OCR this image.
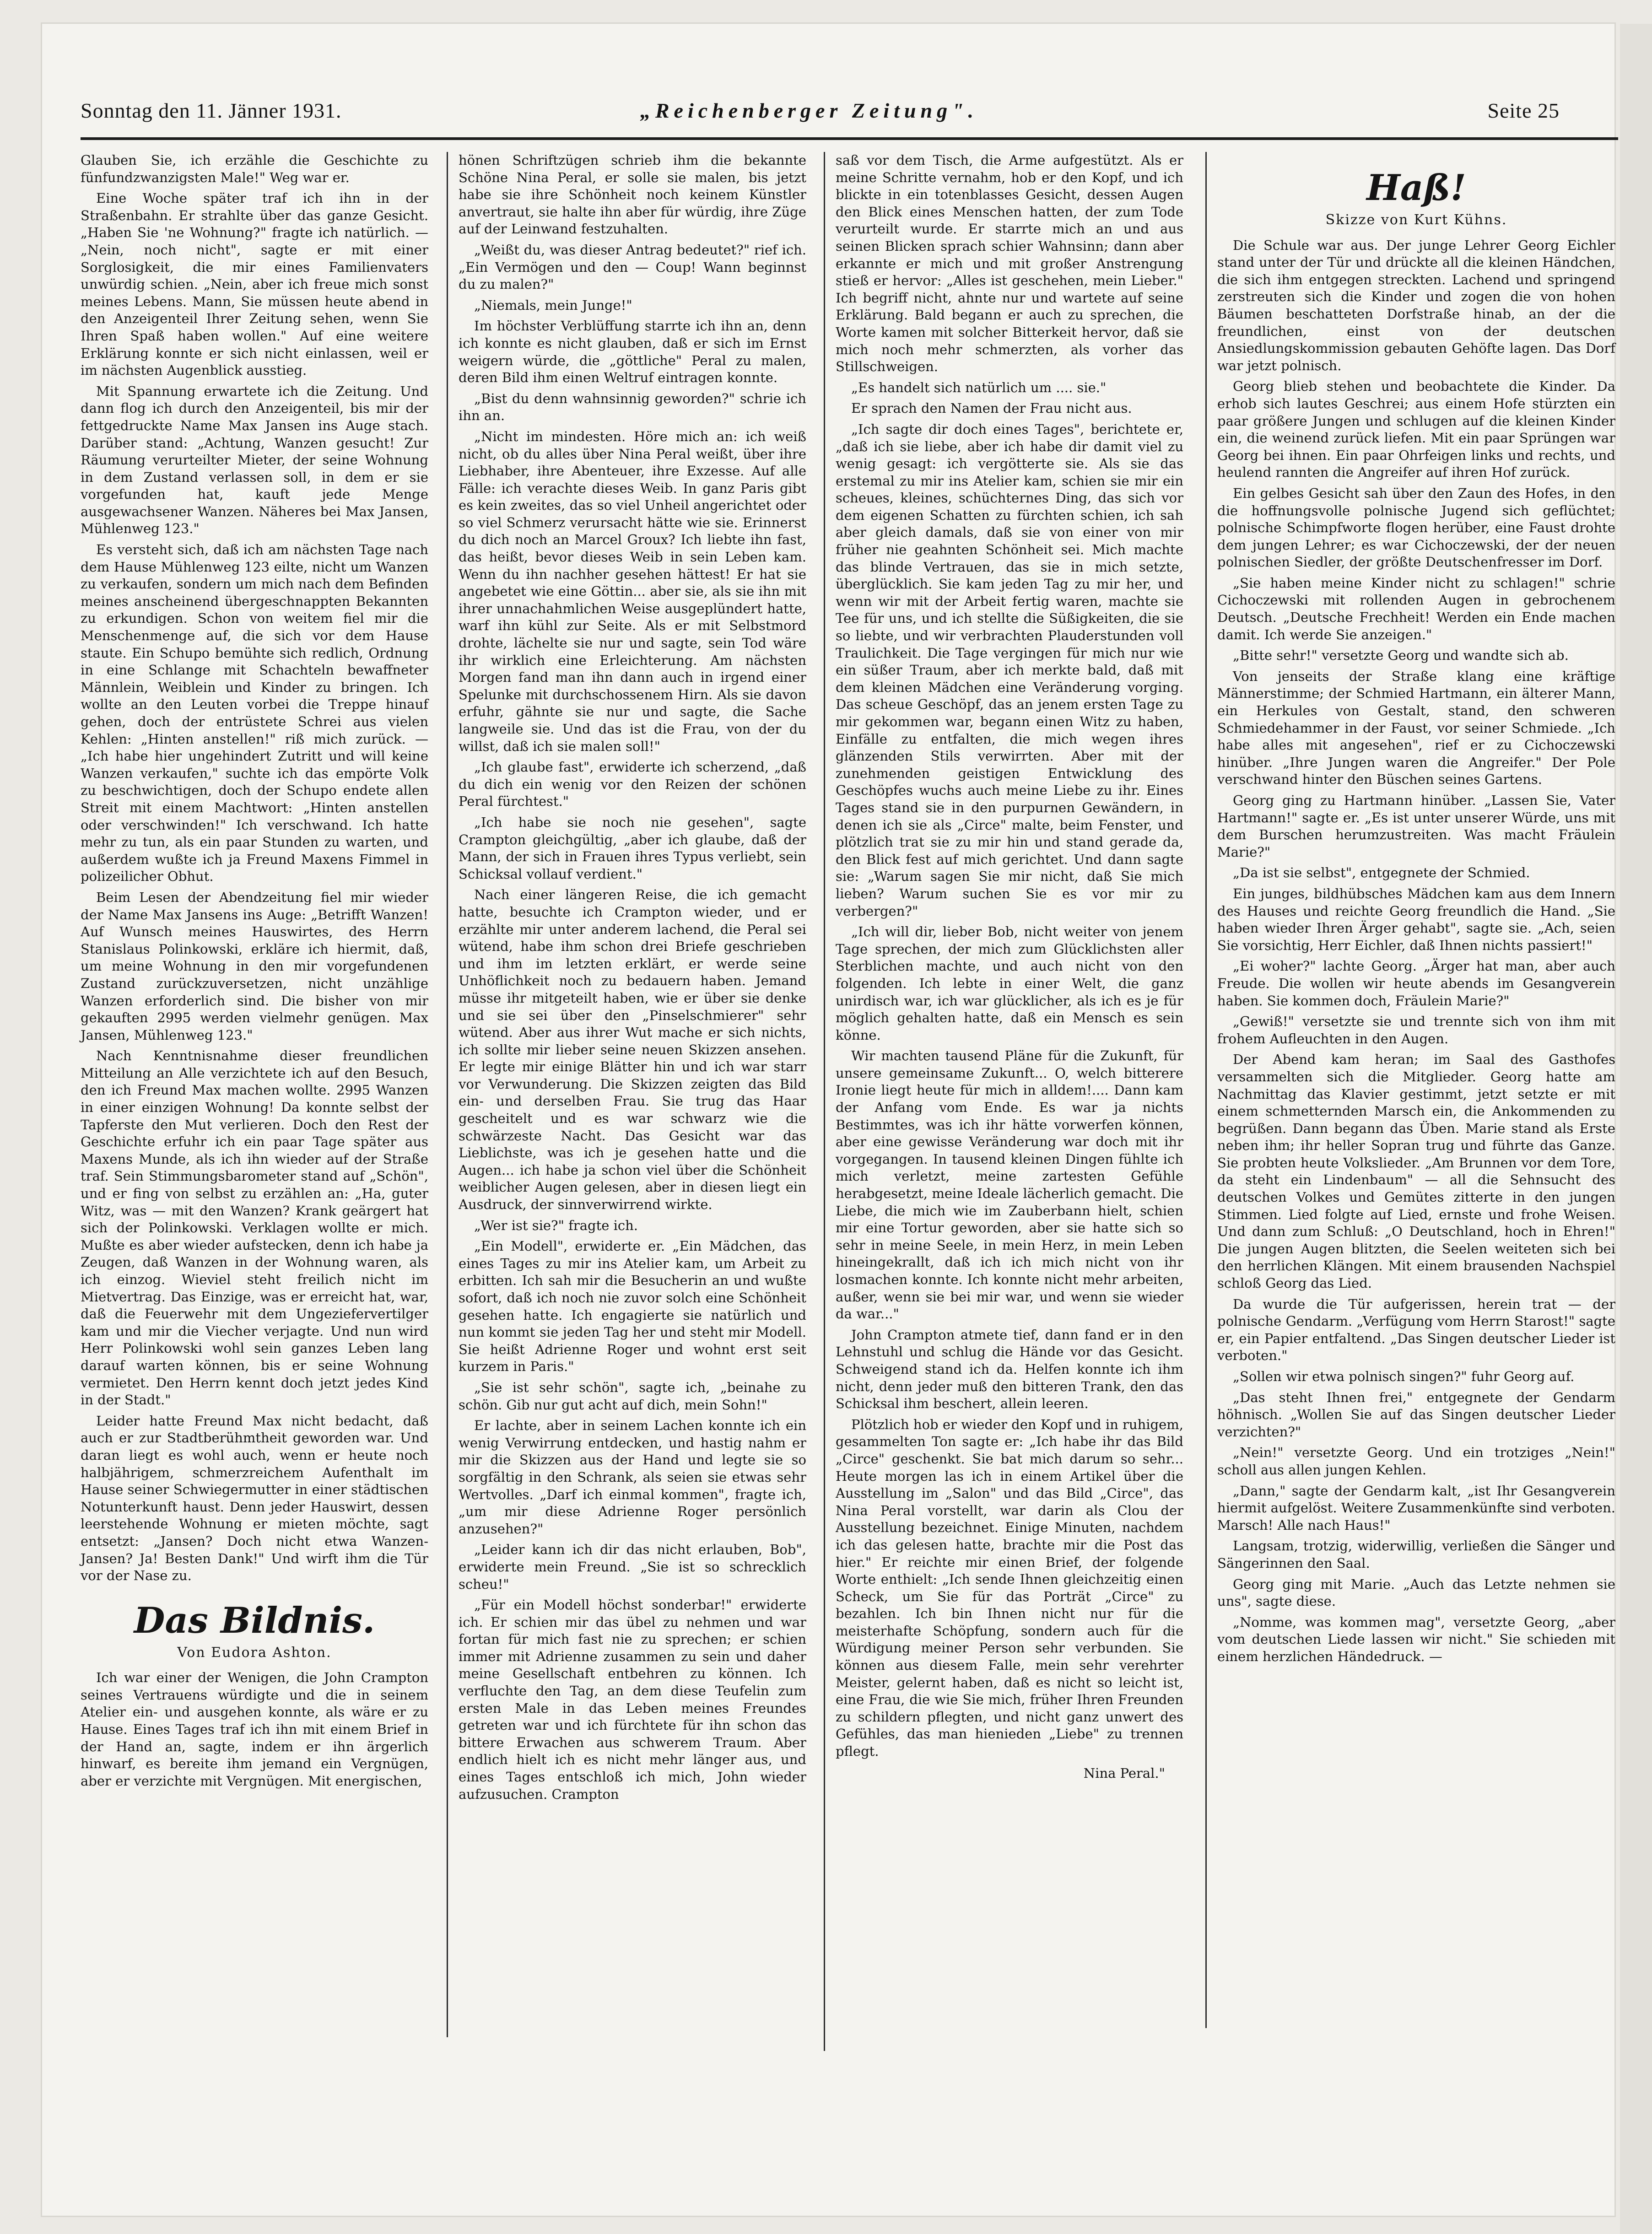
Sonntag den 11. Jänner 1931.	„Reichenberger Zeitung".	Seite 25

Glauben Sie, ich erzähle die Geschichte zu fünfundzwanzigsten Male!" Weg war er.

Eine Woche später traf ich ihn in der Straßenbahn. Er strahlte über das ganze Gesicht. „Haben Sie 'ne Wohnung?" fragte ich natürlich. — „Nein, noch nicht", sagte er mit einer Sorglosigkeit, die mir eines Familienvaters unwürdig schien. „Nein, aber ich freue mich sonst meines Lebens. Mann, Sie müssen heute abend in den Anzeigenteil Ihrer Zeitung sehen, wenn Sie Ihren Spaß haben wollen." Auf eine weitere Erklärung konnte er sich nicht einlassen, weil er im nächsten Augenblick ausstieg.

Mit Spannung erwartete ich die Zeitung. Und dann flog ich durch den Anzeigenteil, bis mir der fettgedruckte Name Max Jansen ins Auge stach. Darüber stand: „Achtung, Wanzen gesucht! Zur Räumung verurteilter Mieter, der seine Wohnung in dem Zustand verlassen soll, in dem er sie vorgefunden hat, kauft jede Menge ausgewachsener Wanzen. Näheres bei Max Jansen, Mühlenweg 123."

Es versteht sich, daß ich am nächsten Tage nach dem Hause Mühlenweg 123 eilte, nicht um Wanzen zu verkaufen, sondern um mich nach dem Befinden meines anscheinend übergeschnappten Bekannten zu erkundigen. Schon von weitem fiel mir die Menschenmenge auf, die sich vor dem Hause staute. Ein Schupo bemühte sich redlich, Ordnung in eine Schlange mit Schachteln bewaffneter Männlein, Weiblein und Kinder zu bringen. Ich wollte an den Leuten vorbei die Treppe hinauf gehen, doch der entrüstete Schrei aus vielen Kehlen: „Hinten anstellen!" riß mich zurück. — „Ich habe hier ungehindert Zutritt und will keine Wanzen verkaufen," suchte ich das empörte Volk zu beschwichtigen, doch der Schupo endete allen Streit mit einem Machtwort: „Hinten anstellen oder verschwinden!" Ich verschwand. Ich hatte mehr zu tun, als ein paar Stunden zu warten, und außerdem wußte ich ja Freund Maxens Fimmel in polizeilicher Obhut.

Beim Lesen der Abendzeitung fiel mir wieder der Name Max Jansens ins Auge: „Betrifft Wanzen! Auf Wunsch meines Hauswirtes, des Herrn Stanislaus Polinkowski, erkläre ich hiermit, daß, um meine Wohnung in den mir vorgefundenen Zustand zurückzuversetzen, nicht unzählige Wanzen erforderlich sind. Die bisher von mir gekauften 2995 werden vielmehr genügen. Max Jansen, Mühlenweg 123."

Nach Kenntnisnahme dieser freundlichen Mitteilung an Alle verzichtete ich auf den Besuch, den ich Freund Max machen wollte. 2995 Wanzen in einer einzigen Wohnung! Da konnte selbst der Tapferste den Mut verlieren. Doch den Rest der Geschichte erfuhr ich ein paar Tage später aus Maxens Munde, als ich ihn wieder auf der Straße traf. Sein Stimmungsbarometer stand auf „Schön", und er fing von selbst zu erzählen an: „Ha, guter Witz, was — mit den Wanzen? Krank geärgert hat sich der Polinkowski. Verklagen wollte er mich. Mußte es aber wieder aufstecken, denn ich habe ja Zeugen, daß Wanzen in der Wohnung waren, als ich einzog. Wieviel steht freilich nicht im Mietvertrag. Das Einzige, was er erreicht hat, war, daß die Feuerwehr mit dem Ungeziefervertilger kam und mir die Viecher verjagte. Und nun wird Herr Polinkowski wohl sein ganzes Leben lang darauf warten können, bis er seine Wohnung vermietet. Den Herrn kennt doch jetzt jedes Kind in der Stadt."

Leider hatte Freund Max nicht bedacht, daß auch er zur Stadtberühmtheit geworden war. Und daran liegt es wohl auch, wenn er heute noch halbjährigem, schmerzreichem Aufenthalt im Hause seiner Schwiegermutter in einer städtischen Notunterkunft haust. Denn jeder Hauswirt, dessen leerstehende Wohnung er mieten möchte, sagt entsetzt: „Jansen? Doch nicht etwa Wanzen-Jansen? Ja! Besten Dank!" Und wirft ihm die Tür vor der Nase zu.

Das Bildnis.
Von Eudora Ashton.

Ich war einer der Wenigen, die John Crampton seines Vertrauens würdigte und die in seinem Atelier ein- und ausgehen konnte, als wäre er zu Hause. Eines Tages traf ich ihn mit einem Brief in der Hand an, sagte, indem er ihn ärgerlich hinwarf, es bereite ihm jemand ein Vergnügen, aber er verzichte mit Vergnügen. Mit energischen,

hönen Schriftzügen schrieb ihm die bekannte Schöne Nina Peral, er solle sie malen, bis jetzt habe sie ihre Schönheit noch keinem Künstler anvertraut, sie halte ihn aber für würdig, ihre Züge auf der Leinwand festzuhalten.

„Weißt du, was dieser Antrag bedeutet?" rief ich. „Ein Vermögen und den — Coup! Wann beginnst du zu malen?"

„Niemals, mein Junge!"

Im höchster Verblüffung starrte ich ihn an, denn ich konnte es nicht glauben, daß er sich im Ernst weigern würde, die „göttliche" Peral zu malen, deren Bild ihm einen Weltruf eintragen konnte.

„Bist du denn wahnsinnig geworden?" schrie ich ihn an.

„Nicht im mindesten. Höre mich an: ich weiß nicht, ob du alles über Nina Peral weißt, über ihre Liebhaber, ihre Abenteuer, ihre Exzesse. Auf alle Fälle: ich verachte dieses Weib. In ganz Paris gibt es kein zweites, das so viel Unheil angerichtet oder so viel Schmerz verursacht hätte wie sie. Erinnerst du dich noch an Marcel Groux? Ich liebte ihn fast, das heißt, bevor dieses Weib in sein Leben kam. Wenn du ihn nachher gesehen hättest! Er hat sie angebetet wie eine Göttin... aber sie, als sie ihn mit ihrer unnachahmlichen Weise ausgeplündert hatte, warf ihn kühl zur Seite. Als er mit Selbstmord drohte, lächelte sie nur und sagte, sein Tod wäre ihr wirklich eine Erleichterung. Am nächsten Morgen fand man ihn dann auch in irgend einer Spelunke mit durchschossenem Hirn. Als sie davon erfuhr, gähnte sie nur und sagte, die Sache langweile sie. Und das ist die Frau, von der du willst, daß ich sie malen soll!"

„Ich glaube fast", erwiderte ich scherzend, „daß du dich ein wenig vor den Reizen der schönen Peral fürchtest."

„Ich habe sie noch nie gesehen", sagte Crampton gleichgültig, „aber ich glaube, daß der Mann, der sich in Frauen ihres Typus verliebt, sein Schicksal vollauf verdient."

Nach einer längeren Reise, die ich gemacht hatte, besuchte ich Crampton wieder, und er erzählte mir unter anderem lachend, die Peral sei wütend, habe ihm schon drei Briefe geschrieben und ihm im letzten erklärt, er werde seine Unhöflichkeit noch zu bedauern haben. Jemand müsse ihr mitgeteilt haben, wie er über sie denke und sie sei über den „Pinselschmierer" sehr wütend. Aber aus ihrer Wut mache er sich nichts, ich sollte mir lieber seine neuen Skizzen ansehen. Er legte mir einige Blätter hin und ich war starr vor Verwunderung. Die Skizzen zeigten das Bild ein- und derselben Frau. Sie trug das Haar gescheitelt und es war schwarz wie die schwärzeste Nacht. Das Gesicht war das Lieblichste, was ich je gesehen hatte und die Augen... ich habe ja schon viel über die Schönheit weiblicher Augen gelesen, aber in diesen liegt ein Ausdruck, der sinnverwirrend wirkte.

„Wer ist sie?" fragte ich.

„Ein Modell", erwiderte er. „Ein Mädchen, das eines Tages zu mir ins Atelier kam, um Arbeit zu erbitten. Ich sah mir die Besucherin an und wußte sofort, daß ich noch nie zuvor solch eine Schönheit gesehen hatte. Ich engagierte sie natürlich und nun kommt sie jeden Tag her und steht mir Modell. Sie heißt Adrienne Roger und wohnt erst seit kurzem in Paris."

„Sie ist sehr schön", sagte ich, „beinahe zu schön. Gib nur gut acht auf dich, mein Sohn!"

Er lachte, aber in seinem Lachen konnte ich ein wenig Verwirrung entdecken, und hastig nahm er mir die Skizzen aus der Hand und legte sie so sorgfältig in den Schrank, als seien sie etwas sehr Wertvolles. „Darf ich einmal kommen", fragte ich, „um mir diese Adrienne Roger persönlich anzusehen?"

„Leider kann ich dir das nicht erlauben, Bob", erwiderte mein Freund. „Sie ist so schrecklich scheu!"

„Für ein Modell höchst sonderbar!" erwiderte ich. Er schien mir das übel zu nehmen und war fortan für mich fast nie zu sprechen; er schien immer mit Adrienne zusammen zu sein und daher meine Gesellschaft entbehren zu können. Ich verfluchte den Tag, an dem diese Teufelin zum ersten Male in das Leben meines Freundes getreten war und ich fürchtete für ihn schon das bittere Erwachen aus schwerem Traum. Aber endlich hielt ich es nicht mehr länger aus, und eines Tages entschloß ich mich, John wieder aufzusuchen. Crampton

saß vor dem Tisch, die Arme aufgestützt. Als er meine Schritte vernahm, hob er den Kopf, und ich blickte in ein totenblasses Gesicht, dessen Augen den Blick eines Menschen hatten, der zum Tode verurteilt wurde. Er starrte mich an und aus seinen Blicken sprach schier Wahnsinn; dann aber erkannte er mich und mit großer Anstrengung stieß er hervor: „Alles ist geschehen, mein Lieber." Ich begriff nicht, ahnte nur und wartete auf seine Erklärung. Bald begann er auch zu sprechen, die Worte kamen mit solcher Bitterkeit hervor, daß sie mich noch mehr schmerzten, als vorher das Stillschweigen.

„Es handelt sich natürlich um .... sie."

Er sprach den Namen der Frau nicht aus.

„Ich sagte dir doch eines Tages", berichtete er, „daß ich sie liebe, aber ich habe dir damit viel zu wenig gesagt: ich vergötterte sie. Als sie das erstemal zu mir ins Atelier kam, schien sie mir ein scheues, kleines, schüchternes Ding, das sich vor dem eigenen Schatten zu fürchten schien, ich sah aber gleich damals, daß sie von einer von mir früher nie geahnten Schönheit sei. Mich machte das blinde Vertrauen, das sie in mich setzte, überglücklich. Sie kam jeden Tag zu mir her, und wenn wir mit der Arbeit fertig waren, machte sie Tee für uns, und ich stellte die Süßigkeiten, die sie so liebte, und wir verbrachten Plauderstunden voll Traulichkeit. Die Tage vergingen für mich nur wie ein süßer Traum, aber ich merkte bald, daß mit dem kleinen Mädchen eine Veränderung vorging. Das scheue Geschöpf, das an jenem ersten Tage zu mir gekommen war, begann einen Witz zu haben, Einfälle zu entfalten, die mich wegen ihres glänzenden Stils verwirrten. Aber mit der zunehmenden geistigen Entwicklung des Geschöpfes wuchs auch meine Liebe zu ihr. Eines Tages stand sie in den purpurnen Gewändern, in denen ich sie als „Circe" malte, beim Fenster, und plötzlich trat sie zu mir hin und stand gerade da, den Blick fest auf mich gerichtet. Und dann sagte sie: „Warum sagen Sie mir nicht, daß Sie mich lieben? Warum suchen Sie es vor mir zu verbergen?"

„Ich will dir, lieber Bob, nicht weiter von jenem Tage sprechen, der mich zum Glücklichsten aller Sterblichen machte, und auch nicht von den folgenden. Ich lebte in einer Welt, die ganz unirdisch war, ich war glücklicher, als ich es je für möglich gehalten hatte, daß ein Mensch es sein könne.

Wir machten tausend Pläne für die Zukunft, für unsere gemeinsame Zukunft... O, welch bitterere Ironie liegt heute für mich in alldem!.... Dann kam der Anfang vom Ende. Es war ja nichts Bestimmtes, was ich ihr hätte vorwerfen können, aber eine gewisse Veränderung war doch mit ihr vorgegangen. In tausend kleinen Dingen fühlte ich mich verletzt, meine zartesten Gefühle herabgesetzt, meine Ideale lächerlich gemacht. Die Liebe, die mich wie im Zauberbann hielt, schien mir eine Tortur geworden, aber sie hatte sich so sehr in meine Seele, in mein Herz, in mein Leben hineingekrallt, daß ich ich mich nicht von ihr losmachen konnte. Ich konnte nicht mehr arbeiten, außer, wenn sie bei mir war, und wenn sie wieder da war..."

John Crampton atmete tief, dann fand er in den Lehnstuhl und schlug die Hände vor das Gesicht. Schweigend stand ich da. Helfen konnte ich ihm nicht, denn jeder muß den bitteren Trank, den das Schicksal ihm beschert, allein leeren.

Plötzlich hob er wieder den Kopf und in ruhigem, gesammelten Ton sagte er: „Ich habe ihr das Bild „Circe" geschenkt. Sie bat mich darum so sehr... Heute morgen las ich in einem Artikel über die Ausstellung im „Salon" und das Bild „Circe", das Nina Peral vorstellt, war darin als Clou der Ausstellung bezeichnet. Einige Minuten, nachdem ich das gelesen hatte, brachte mir die Post das hier." Er reichte mir einen Brief, der folgende Worte enthielt: „Ich sende Ihnen gleichzeitig einen Scheck, um Sie für das Porträt „Circe" zu bezahlen. Ich bin Ihnen nicht nur für die meisterhafte Schöpfung, sondern auch für die Würdigung meiner Person sehr verbunden. Sie können aus diesem Falle, mein sehr verehrter Meister, gelernt haben, daß es nicht so leicht ist, eine Frau, die wie Sie mich, früher Ihren Freunden zu schildern pflegten, und nicht ganz unwert des Gefühles, das man hienieden „Liebe" zu trennen pflegt.

Nina Peral."
Haß!
Skizze von Kurt Kühns.

Die Schule war aus. Der junge Lehrer Georg Eichler stand unter der Tür und drückte all die kleinen Händchen, die sich ihm entgegen streckten. Lachend und springend zerstreuten sich die Kinder und zogen die von hohen Bäumen beschatteten Dorfstraße hinab, an der die freundlichen, einst von der deutschen Ansiedlungskommission gebauten Gehöfte lagen. Das Dorf war jetzt polnisch.

Georg blieb stehen und beobachtete die Kinder. Da erhob sich lautes Geschrei; aus einem Hofe stürzten ein paar größere Jungen und schlugen auf die kleinen Kinder ein, die weinend zurück liefen. Mit ein paar Sprüngen war Georg bei ihnen. Ein paar Ohrfeigen links und rechts, und heulend rannten die Angreifer auf ihren Hof zurück.

Ein gelbes Gesicht sah über den Zaun des Hofes, in den die hoffnungsvolle polnische Jugend sich geflüchtet; polnische Schimpfworte flogen herüber, eine Faust drohte dem jungen Lehrer; es war Cichoczewski, der der neuen polnischen Siedler, der größte Deutschenfresser im Dorf.

„Sie haben meine Kinder nicht zu schlagen!" schrie Cichoczewski mit rollenden Augen in gebrochenem Deutsch. „Deutsche Frechheit! Werden ein Ende machen damit. Ich werde Sie anzeigen."

„Bitte sehr!" versetzte Georg und wandte sich ab.

Von jenseits der Straße klang eine kräftige Männerstimme; der Schmied Hartmann, ein älterer Mann, ein Herkules von Gestalt, stand, den schweren Schmiedehammer in der Faust, vor seiner Schmiede. „Ich habe alles mit angesehen", rief er zu Cichoczewski hinüber. „Ihre Jungen waren die Angreifer." Der Pole verschwand hinter den Büschen seines Gartens.

Georg ging zu Hartmann hinüber. „Lassen Sie, Vater Hartmann!" sagte er. „Es ist unter unserer Würde, uns mit dem Burschen herumzustreiten. Was macht Fräulein Marie?"

„Da ist sie selbst", entgegnete der Schmied.

Ein junges, bildhübsches Mädchen kam aus dem Innern des Hauses und reichte Georg freundlich die Hand. „Sie haben wieder Ihren Ärger gehabt", sagte sie. „Ach, seien Sie vorsichtig, Herr Eichler, daß Ihnen nichts passiert!"

„Ei woher?" lachte Georg. „Ärger hat man, aber auch Freude. Die wollen wir heute abends im Gesangverein haben. Sie kommen doch, Fräulein Marie?"

„Gewiß!" versetzte sie und trennte sich von ihm mit frohem Aufleuchten in den Augen.

Der Abend kam heran; im Saal des Gasthofes versammelten sich die Mitglieder. Georg hatte am Nachmittag das Klavier gestimmt, jetzt setzte er mit einem schmetternden Marsch ein, die Ankommenden zu begrüßen. Dann begann das Üben. Marie stand als Erste neben ihm; ihr heller Sopran trug und führte das Ganze. Sie probten heute Volkslieder. „Am Brunnen vor dem Tore, da steht ein Lindenbaum" — all die Sehnsucht des deutschen Volkes und Gemütes zitterte in den jungen Stimmen. Lied folgte auf Lied, ernste und frohe Weisen. Und dann zum Schluß: „O Deutschland, hoch in Ehren!" Die jungen Augen blitzten, die Seelen weiteten sich bei den herrlichen Klängen. Mit einem brausenden Nachspiel schloß Georg das Lied.

Da wurde die Tür aufgerissen, herein trat — der polnische Gendarm. „Verfügung vom Herrn Starost!" sagte er, ein Papier entfaltend. „Das Singen deutscher Lieder ist verboten."

„Sollen wir etwa polnisch singen?" fuhr Georg auf.

„Das steht Ihnen frei," entgegnete der Gendarm höhnisch. „Wollen Sie auf das Singen deutscher Lieder verzichten?"

„Nein!" versetzte Georg. Und ein trotziges „Nein!" scholl aus allen jungen Kehlen.

„Dann," sagte der Gendarm kalt, „ist Ihr Gesangverein hiermit aufgelöst. Weitere Zusammenkünfte sind verboten. Marsch! Alle nach Haus!"

Langsam, trotzig, widerwillig, verließen die Sänger und Sängerinnen den Saal.

Georg ging mit Marie. „Auch das Letzte nehmen sie uns", sagte diese.

„Nomme, was kommen mag", versetzte Georg, „aber vom deutschen Liede lassen wir nicht." Sie schieden mit einem herzlichen Händedruck. —
